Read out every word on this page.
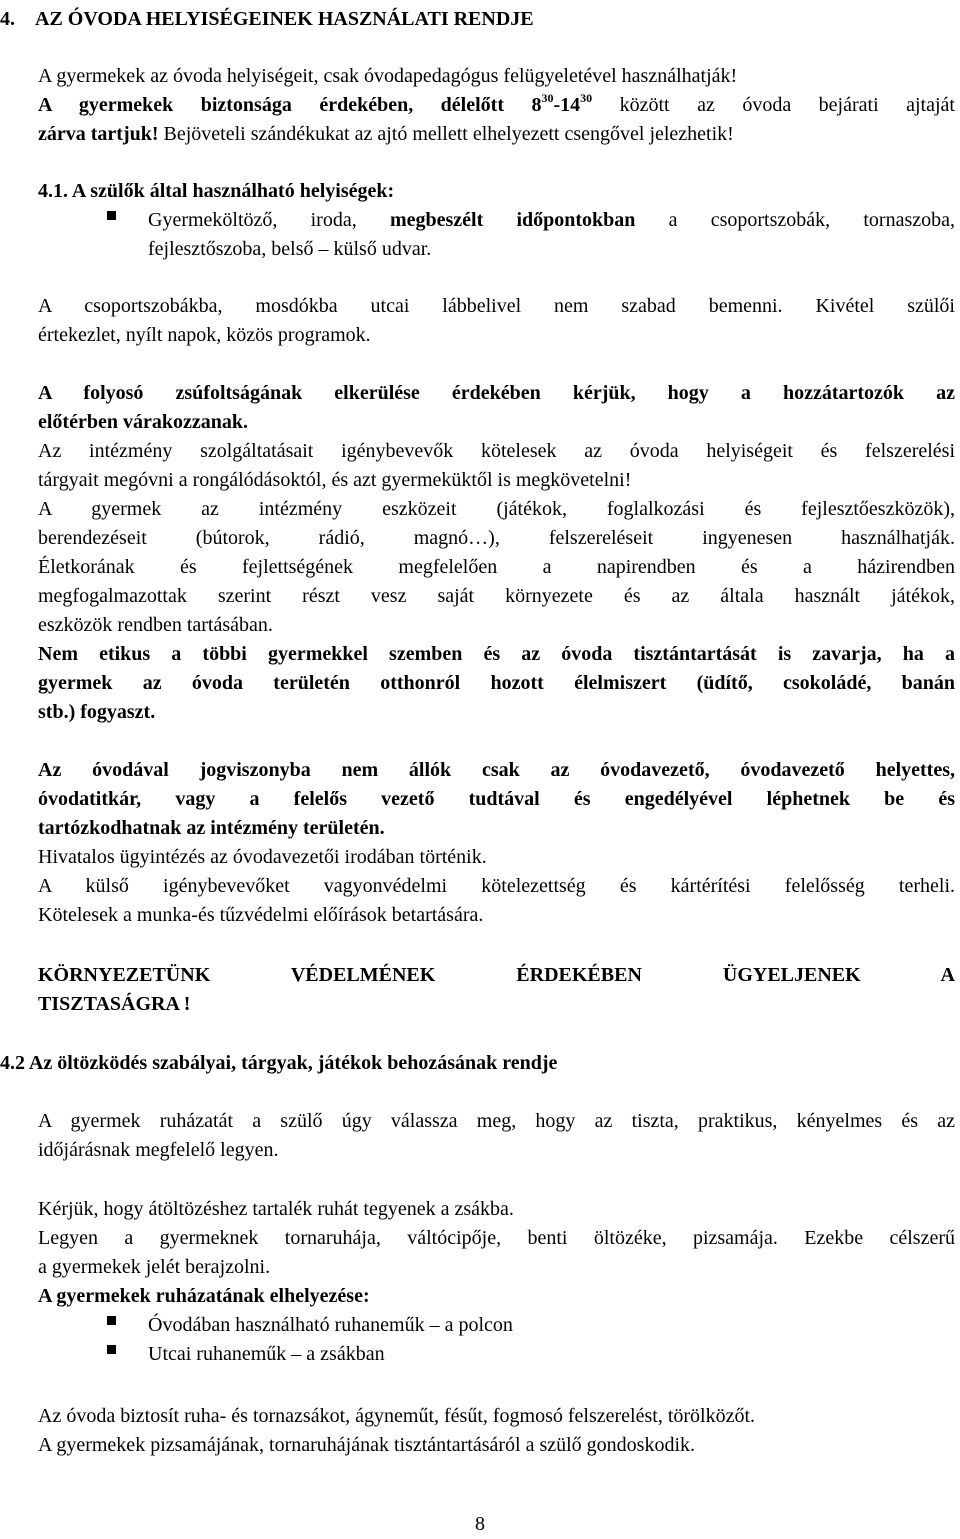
4. AZ ÓVODA HELYISÉGEINEK HASZNÁLATI RENDJE
A gyermekek az óvoda helyiségeit, csak óvodapedagógus felügyeletével használhatják!
A gyermekek biztonsága érdekében, délelőtt $8^{30}-14^{30}$ között az óvoda bejárati ajtaját
zárva tartjuk! Bejöveteli szándékukat az ajtó mellett elhelyezett csengővel jelezhetik!
4.1. A szülők által használható helyiségek:
Gyermeköltöző, iroda, megbeszélt időpontokban a csoportszobák, tornaszoba,
fejlesztőszoba, belső – külső udvar.
A csoportszobákba, mosdókba utcai lábbelivel nem szabad bemenni. Kivétel szülői
értekezlet, nyílt napok, közös programok.
A folyosó zsúfoltságának elkerülése érdekében kérjük, hogy a hozzátartozók az
előtérben várakozzanak.
Az intézmény szolgáltatásait igénybevevők kötelesek az óvoda helyiségeit és felszerelési
tárgyait megóvni a rongálódásoktól, és azt gyermeküktől is megkövetelni!
A gyermek az intézmény eszközeit (játékok, foglalkozási és fejlesztőeszközök),
berendezéseit (bútorok, rádió, magnó…), felszereléseit ingyenesen használhatják.
Életkorának és fejlettségének megfelelően a napirendben és a házirendben
megfogalmazottak szerint részt vesz saját környezete és az általa használt játékok,
eszközök rendben tartásában.
Nem etikus a többi gyermekkel szemben és az óvoda tisztántartását is zavarja, ha a
gyermek az óvoda területén otthonról hozott élelmiszert (üdítő, csokoládé, banán
stb.) fogyaszt.
Az óvodával jogviszonyba nem állók csak az óvodavezető, óvodavezető helyettes,
óvodatitkár, vagy a felelős vezető tudtával és engedélyével léphetnek be és
tartózkodhatnak az intézmény területén.
Hivatalos ügyintézés az óvodavezetői irodában történik.
A külső igénybevevőket vagyonvédelmi kötelezettség és kártérítési felelősség terheli.
Kötelesek a munka-és tűzvédelmi előírások betartására.
KÖRNYEZETÜNK VÉDELMÉNEK ÉRDEKÉBEN ÜGYELJENEK A
TISZTASÁGRA !
4.2 Az öltözködés szabályai, tárgyak, játékok behozásának rendje
A gyermek ruházatát a szülő úgy válassza meg, hogy az tiszta, praktikus, kényelmes és az
időjárásnak megfelelő legyen.
Kérjük, hogy átöltözéshez tartalék ruhát tegyenek a zsákba.
Legyen a gyermeknek tornaruhája, váltócipője, benti öltözéke, pizsamája. Ezekbe célszerű
a gyermekek jelét berajzolni.
A gyermekek ruházatának elhelyezése:
Óvodában használható ruhaneműk – a polcon
Utcai ruhaneműk – a zsákban
Az óvoda biztosít ruha- és tornazsákot, ágyneműt, fésűt, fogmosó felszerelést, törölközőt.
A gyermekek pizsamájának, tornaruhájának tisztántartásáról a szülő gondoskodik.
8
